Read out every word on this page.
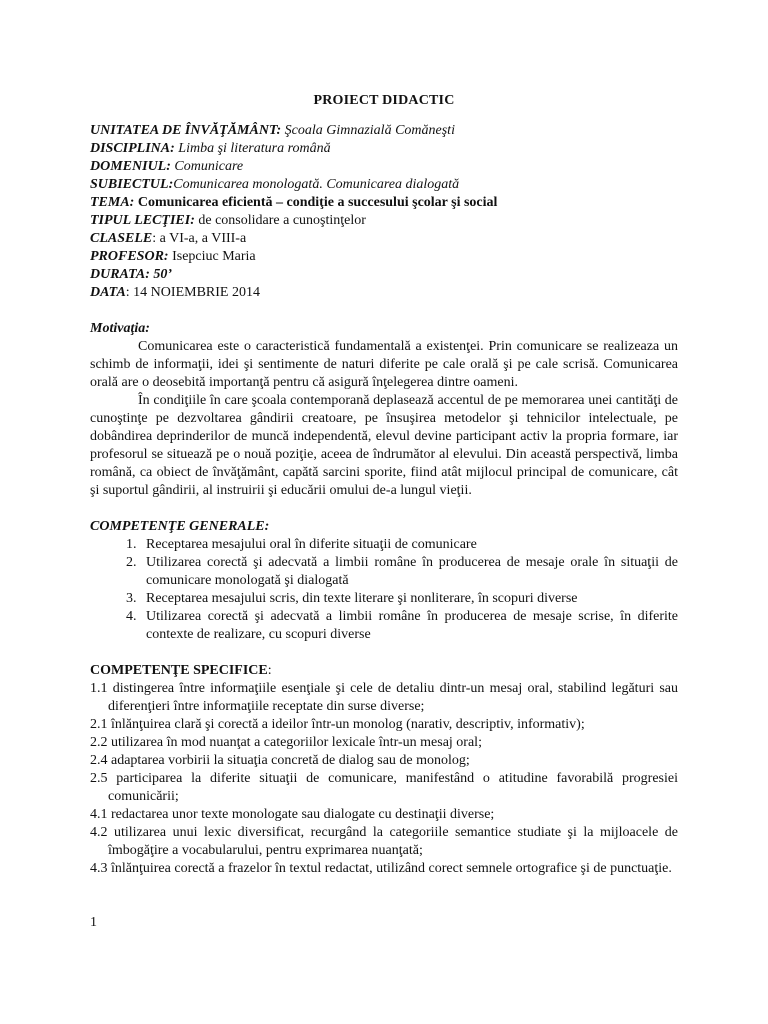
PROIECT DIDACTIC
UNITATEA DE ÎNVĂŢĂMÂNT: Şcoala Gimnazială Comăneşti
DISCIPLINA: Limba şi literatura română
DOMENIUL: Comunicare
SUBIECTUL:Comunicarea monologată. Comunicarea dialogată
TEMA: Comunicarea eficientă – condiţie a succesului şcolar şi social
TIPUL LECŢIEI: de consolidare a cunoştinţelor
CLASELE: a VI-a, a VIII-a
PROFESOR: Isepciuc Maria
DURATA: 50’
DATA: 14 NOIEMBRIE 2014
Motivaţia:

Comunicarea este o caracteristică fundamentală a existenţei. Prin comunicare se realizeaza un schimb de informaţii, idei şi sentimente de naturi diferite pe cale orală şi pe cale scrisă. Comunicarea orală are o deosebită importanţă pentru că asigură înţelegerea dintre oameni.

În condiţiile în care şcoala contemporană deplasează accentul de pe memorarea unei cantităţi de cunoştinţe pe dezvoltarea gândirii creatoare, pe însuşirea metodelor şi tehnicilor intelectuale, pe dobândirea deprinderilor de muncă independentă, elevul devine participant activ la propria formare, iar profesorul se situează pe o nouă poziţie, aceea de îndrumător al elevului. Din această perspectivă, limba română, ca obiect de învăţământ, capătă sarcini sporite, fiind atât mijlocul principal de comunicare, cât şi suportul gândirii, al instruirii şi educării omului de-a lungul vieţii.

COMPETENŢE GENERALE:
1. Receptarea mesajului oral în diferite situaţii de comunicare
2. Utilizarea corectă şi adecvată a limbii române în producerea de mesaje orale în situaţii de comunicare monologată şi dialogată
3. Receptarea mesajului scris, din texte literare şi nonliterare, în scopuri diverse
4. Utilizarea corectă şi adecvată a limbii române în producerea de mesaje scrise, în diferite contexte de realizare, cu scopuri diverse
COMPETENŢE SPECIFICE:

1.1 distingerea între informaţiile esenţiale şi cele de detaliu dintr-un mesaj oral, stabilind legături sau diferenţieri între informaţiile receptate din surse diverse;

2.1 înlănţuirea clară şi corectă a ideilor într-un monolog (narativ, descriptiv, informativ);

2.2 utilizarea în mod nuanţat a categoriilor lexicale într-un mesaj oral;

2.4 adaptarea vorbirii la situaţia concretă de dialog sau de monolog;

2.5 participarea la diferite situaţii de comunicare, manifestând o atitudine favorabilă progresiei comunicării;

4.1 redactarea unor texte monologate sau dialogate cu destinaţii diverse;

4.2 utilizarea unui lexic diversificat, recurgând la categoriile semantice studiate şi la mijloacele de îmbogăţire a vocabularului, pentru exprimarea nuanţată;

4.3 înlănţuirea corectă a frazelor în textul redactat, utilizând corect semnele ortografice şi de punctuaţie.

1
